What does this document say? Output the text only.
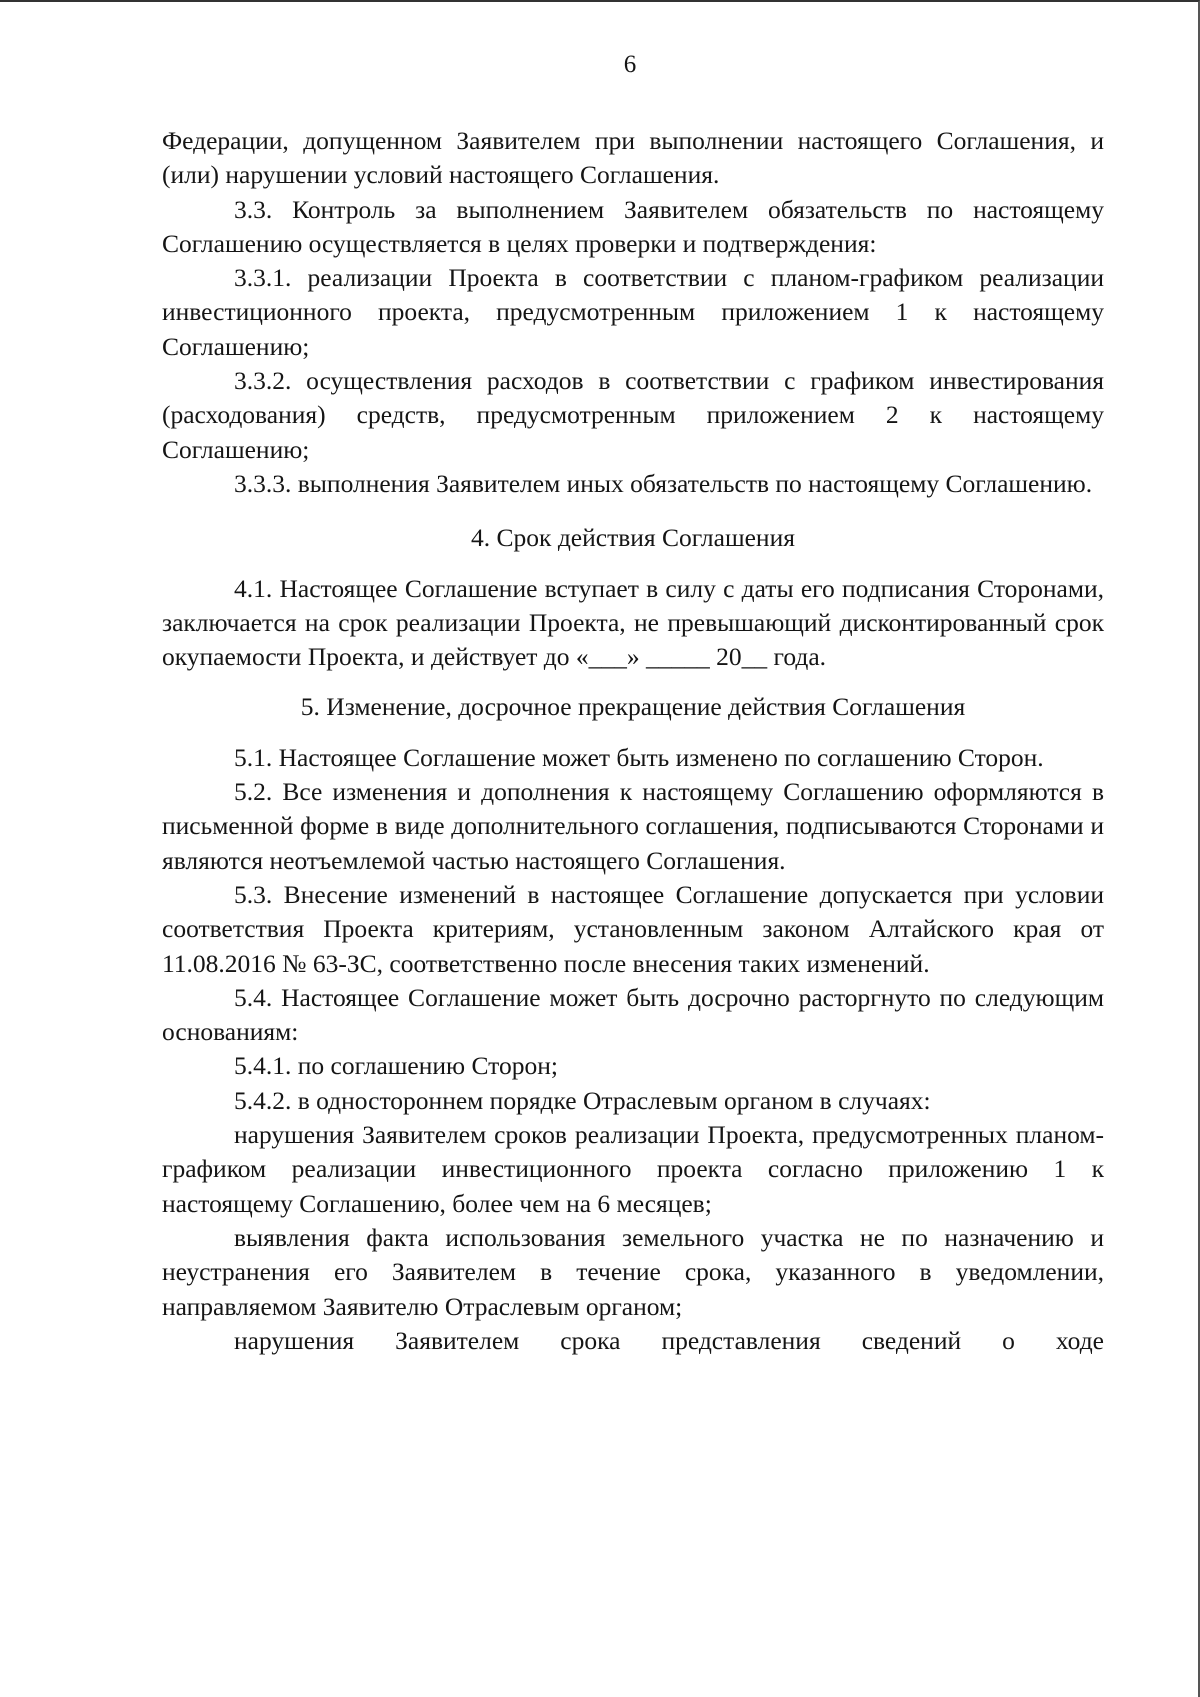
6
Федерации, допущенном Заявителем при выполнении настоящего Соглашения, и (или) нарушении условий настоящего Соглашения.
3.3. Контроль за выполнением Заявителем обязательств по настоящему Соглашению осуществляется в целях проверки и подтверждения:
3.3.1. реализации Проекта в соответствии с планом-графиком реализации инвестиционного проекта, предусмотренным приложением 1 к настоящему Соглашению;
3.3.2. осуществления расходов в соответствии с графиком инвестирования (расходования) средств, предусмотренным приложением 2 к настоящему Соглашению;
3.3.3. выполнения Заявителем иных обязательств по настоящему Соглашению.
4. Срок действия Соглашения
4.1. Настоящее Соглашение вступает в силу с даты его подписания Сторонами, заключается на срок реализации Проекта, не превышающий дисконтированный срок окупаемости Проекта, и действует до «___» _____ 20__ года.
5. Изменение, досрочное прекращение действия Соглашения
5.1. Настоящее Соглашение может быть изменено по соглашению Сторон.
5.2. Все изменения и дополнения к настоящему Соглашению оформляются в письменной форме в виде дополнительного соглашения, подписываются Сторонами и являются неотъемлемой частью настоящего Соглашения.
5.3. Внесение изменений в настоящее Соглашение допускается при условии соответствия Проекта критериям, установленным законом Алтайского края от 11.08.2016 № 63-ЗС, соответственно после внесения таких изменений.
5.4. Настоящее Соглашение может быть досрочно расторгнуто по следующим основаниям:
5.4.1. по соглашению Сторон;
5.4.2. в одностороннем порядке Отраслевым органом в случаях:
нарушения Заявителем сроков реализации Проекта, предусмотренных планом-графиком реализации инвестиционного проекта согласно приложению 1 к настоящему Соглашению, более чем на 6 месяцев;
выявления факта использования земельного участка не по назначению и неустранения его Заявителем в течение срока, указанного в уведомлении, направляемом Заявителю Отраслевым органом;
нарушения Заявителем срока представления сведений о ходе
